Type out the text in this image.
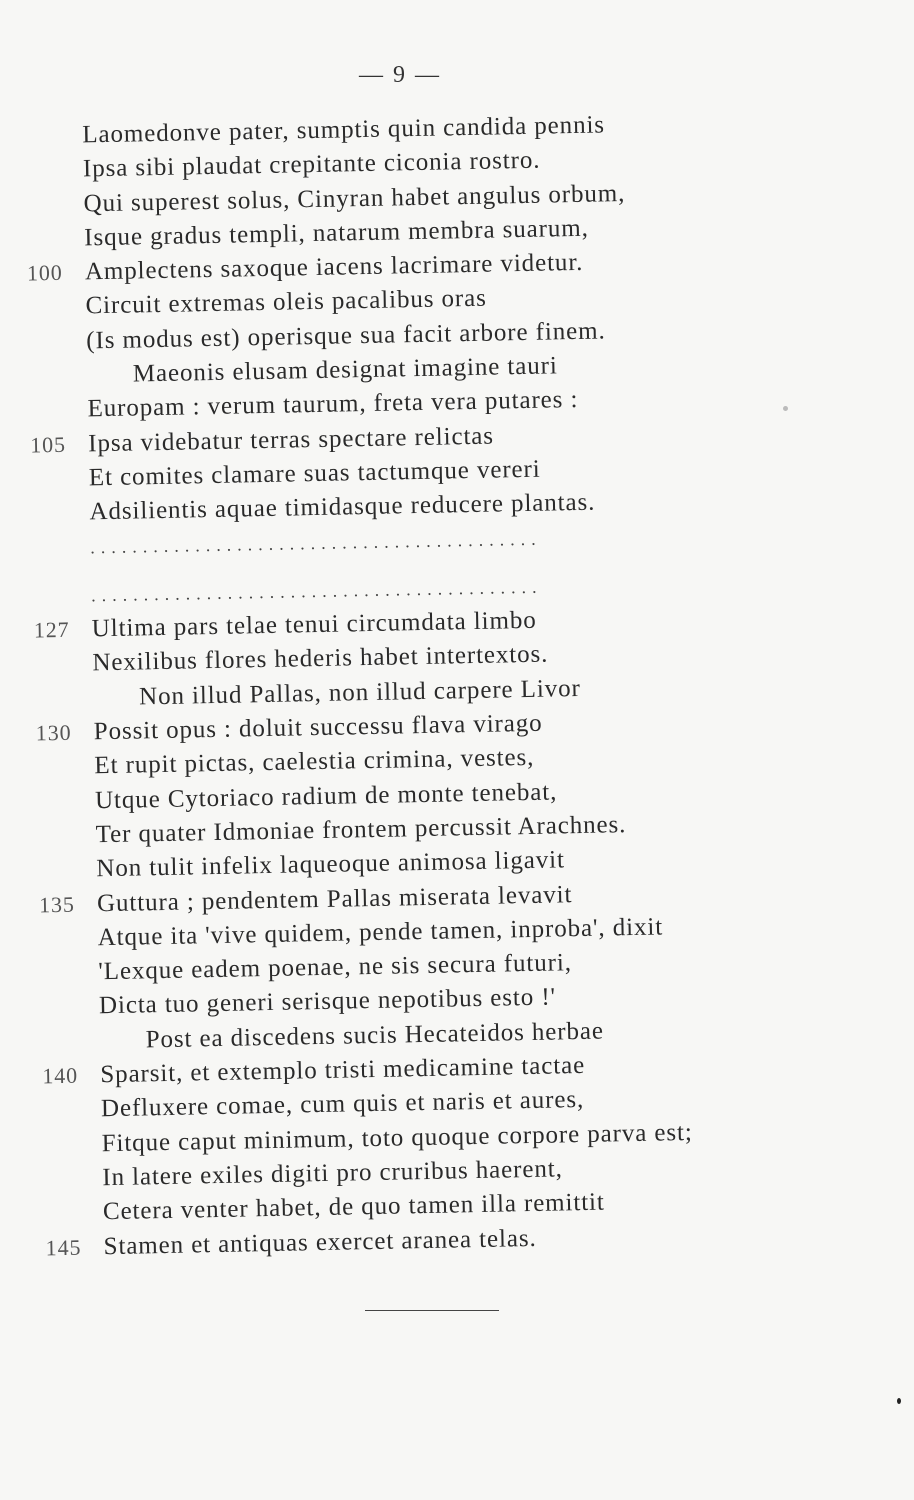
— 9 —
Laomedonve pater, sumptis quin candida pennis
Ipsa sibi plaudat crepitante ciconia rostro.
Qui superest solus, Cinyran habet angulus orbum,
Isque gradus templi, natarum membra suarum,
100 Amplectens saxoque iacens lacrimare videtur.
Circuit extremas oleis pacalibus oras
(Is modus est) operisque sua facit arbore finem.
Maeonis elusam designat imagine tauri
Europam : verum taurum, freta vera putares :
105 Ipsa videbatur terras spectare relictas
Et comites clamare suas tactumque vereri
Adsilientis aquae timidasque reducere plantas.
...........................................
...........................................
127 Ultima pars telae tenui circumdata limbo
Nexilibus flores hederis habet intertextos.
Non illud Pallas, non illud carpere Livor
130 Possit opus : doluit successu flava virago
Et rupit pictas, caelestia crimina, vestes,
Utque Cytoriaco radium de monte tenebat,
Ter quater Idmoniae frontem percussit Arachnes.
Non tulit infelix laqueoque animosa ligavit
135 Guttura ; pendentem Pallas miserata levavit
Atque ita 'vive quidem, pende tamen, inproba', dixit
'Lexque eadem poenae, ne sis secura futuri,
Dicta tuo generi serisque nepotibus esto !'
Post ea discedens sucis Hecateidos herbae
140 Sparsit, et extemplo tristi medicamine tactae
Defluxere comae, cum quis et naris et aures,
Fitque caput minimum, toto quoque corpore parva est;
In latere exiles digiti pro cruribus haerent,
Cetera venter habet, de quo tamen illa remittit
145 Stamen et antiquas exercet aranea telas.
